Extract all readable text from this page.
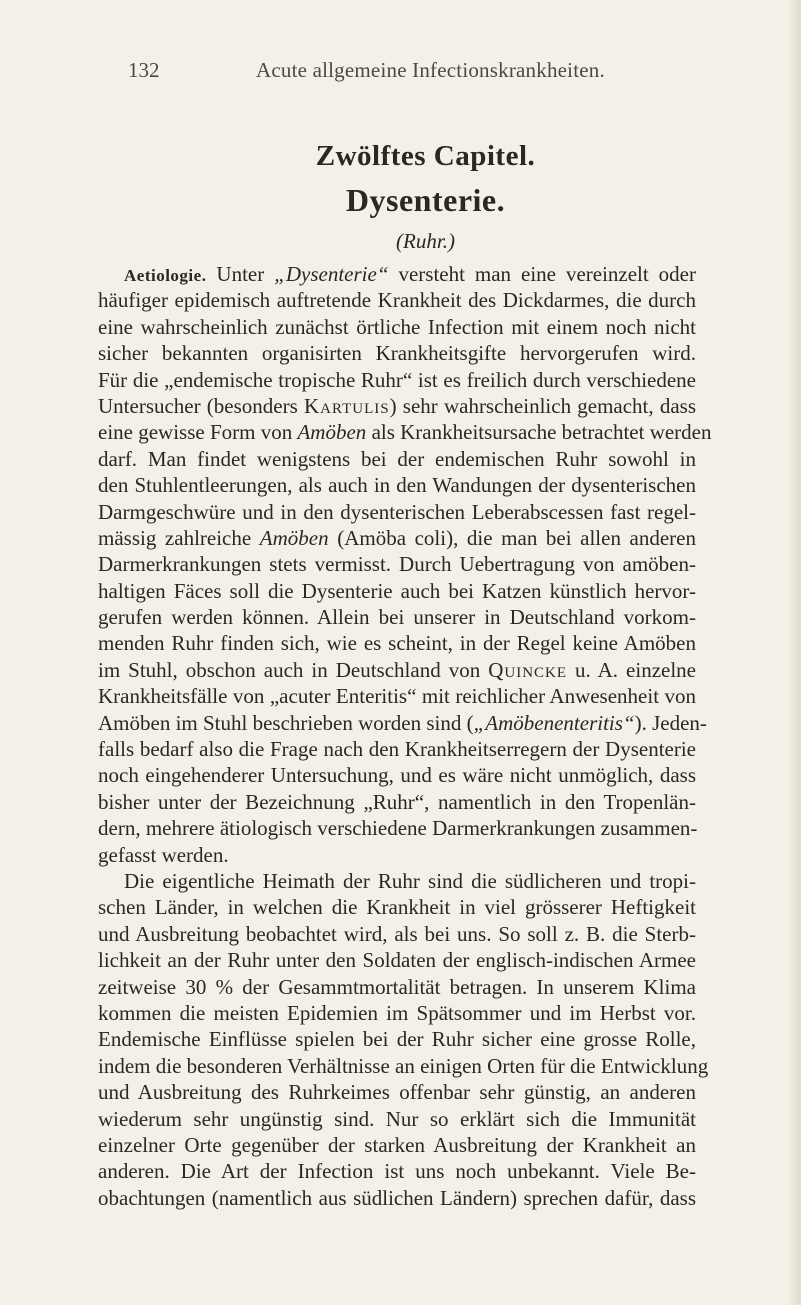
132	Acute allgemeine Infectionskrankheiten.
Zwölftes Capitel.
Dysenterie.
(Ruhr.)
Aetiologie. Unter „Dysenterie“ versteht man eine vereinzelt oder
häufiger epidemisch auftretende Krankheit des Dickdarmes, die durch
eine wahrscheinlich zunächst örtliche Infection mit einem noch nicht
sicher bekannten organisirten Krankheitsgifte hervorgerufen wird.
Für die „endemische tropische Ruhr“ ist es freilich durch verschiedene
Untersucher (besonders Kartulis) sehr wahrscheinlich gemacht, dass
eine gewisse Form von Amöben als Krankheitsursache betrachtet werden
darf. Man findet wenigstens bei der endemischen Ruhr sowohl in
den Stuhlentleerungen, als auch in den Wandungen der dysenterischen
Darmgeschwüre und in den dysenterischen Leberabscessen fast regel-
mässig zahlreiche Amöben (Amöba coli), die man bei allen anderen
Darmerkrankungen stets vermisst. Durch Uebertragung von amöben-
haltigen Fäces soll die Dysenterie auch bei Katzen künstlich hervor-
gerufen werden können. Allein bei unserer in Deutschland vorkom-
menden Ruhr finden sich, wie es scheint, in der Regel keine Amöben
im Stuhl, obschon auch in Deutschland von Quincke u. A. einzelne
Krankheitsfälle von „acuter Enteritis“ mit reichlicher Anwesenheit von
Amöben im Stuhl beschrieben worden sind („Amöbenenteritis“). Jeden-
falls bedarf also die Frage nach den Krankheitserregern der Dysenterie
noch eingehenderer Untersuchung, und es wäre nicht unmöglich, dass
bisher unter der Bezeichnung „Ruhr“, namentlich in den Tropenlän-
dern, mehrere ätiologisch verschiedene Darmerkrankungen zusammen-
gefasst werden.
Die eigentliche Heimath der Ruhr sind die südlicheren und tropi-
schen Länder, in welchen die Krankheit in viel grösserer Heftigkeit
und Ausbreitung beobachtet wird, als bei uns. So soll z. B. die Sterb-
lichkeit an der Ruhr unter den Soldaten der englisch-indischen Armee
zeitweise 30 % der Gesammtmortalität betragen. In unserem Klima
kommen die meisten Epidemien im Spätsommer und im Herbst vor.
Endemische Einflüsse spielen bei der Ruhr sicher eine grosse Rolle,
indem die besonderen Verhältnisse an einigen Orten für die Entwicklung
und Ausbreitung des Ruhrkeimes offenbar sehr günstig, an anderen
wiederum sehr ungünstig sind. Nur so erklärt sich die Immunität
einzelner Orte gegenüber der starken Ausbreitung der Krankheit an
anderen. Die Art der Infection ist uns noch unbekannt. Viele Be-
obachtungen (namentlich aus südlichen Ländern) sprechen dafür, dass
